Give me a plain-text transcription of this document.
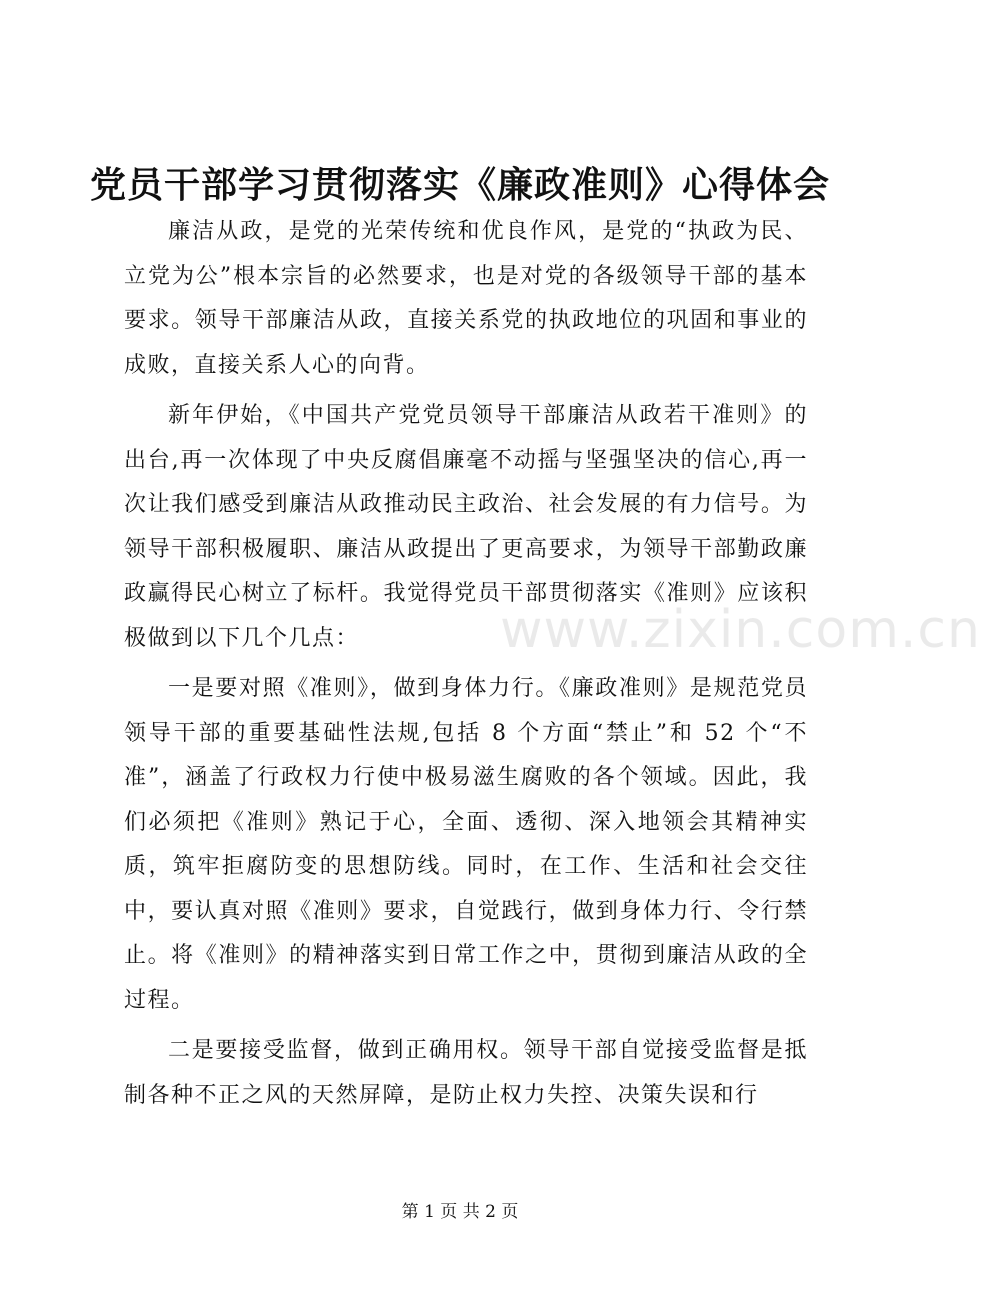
党员干部学习贯彻落实《廉政准则》心得体会

廉洁从政，是党的光荣传统和优良作风，是党的“执政为民、立党为公”根本宗旨的必然要求，也是对党的各级领导干部的基本要求。领导干部廉洁从政，直接关系党的执政地位的巩固和事业的成败，直接关系人心的向背。

新年伊始，《中国共产党党员领导干部廉洁从政若干准则》的出台,再一次体现了中央反腐倡廉毫不动摇与坚强坚决的信心,再一次让我们感受到廉洁从政推动民主政治、社会发展的有力信号。为领导干部积极履职、廉洁从政提出了更高要求，为领导干部勤政廉政赢得民心树立了标杆。我觉得党员干部贯彻落实《准则》应该积极做到以下几个几点：

一是要对照《准则》，做到身体力行。《廉政准则》是规范党员领导干部的重要基础性法规,包括 8 个方面“禁止”和 52 个“不准”，涵盖了行政权力行使中极易滋生腐败的各个领域。因此，我们必须把《准则》熟记于心，全面、透彻、深入地领会其精神实质，筑牢拒腐防变的思想防线。同时，在工作、生活和社会交往中，要认真对照《准则》要求，自觉践行，做到身体力行、令行禁止。将《准则》的精神落实到日常工作之中，贯彻到廉洁从政的全过程。

二是要接受监督，做到正确用权。领导干部自觉接受监督是抵制各种不正之风的天然屏障，是防止权力失控、决策失误和行

www.zixin.com.cn
第 1 页 共 2 页
